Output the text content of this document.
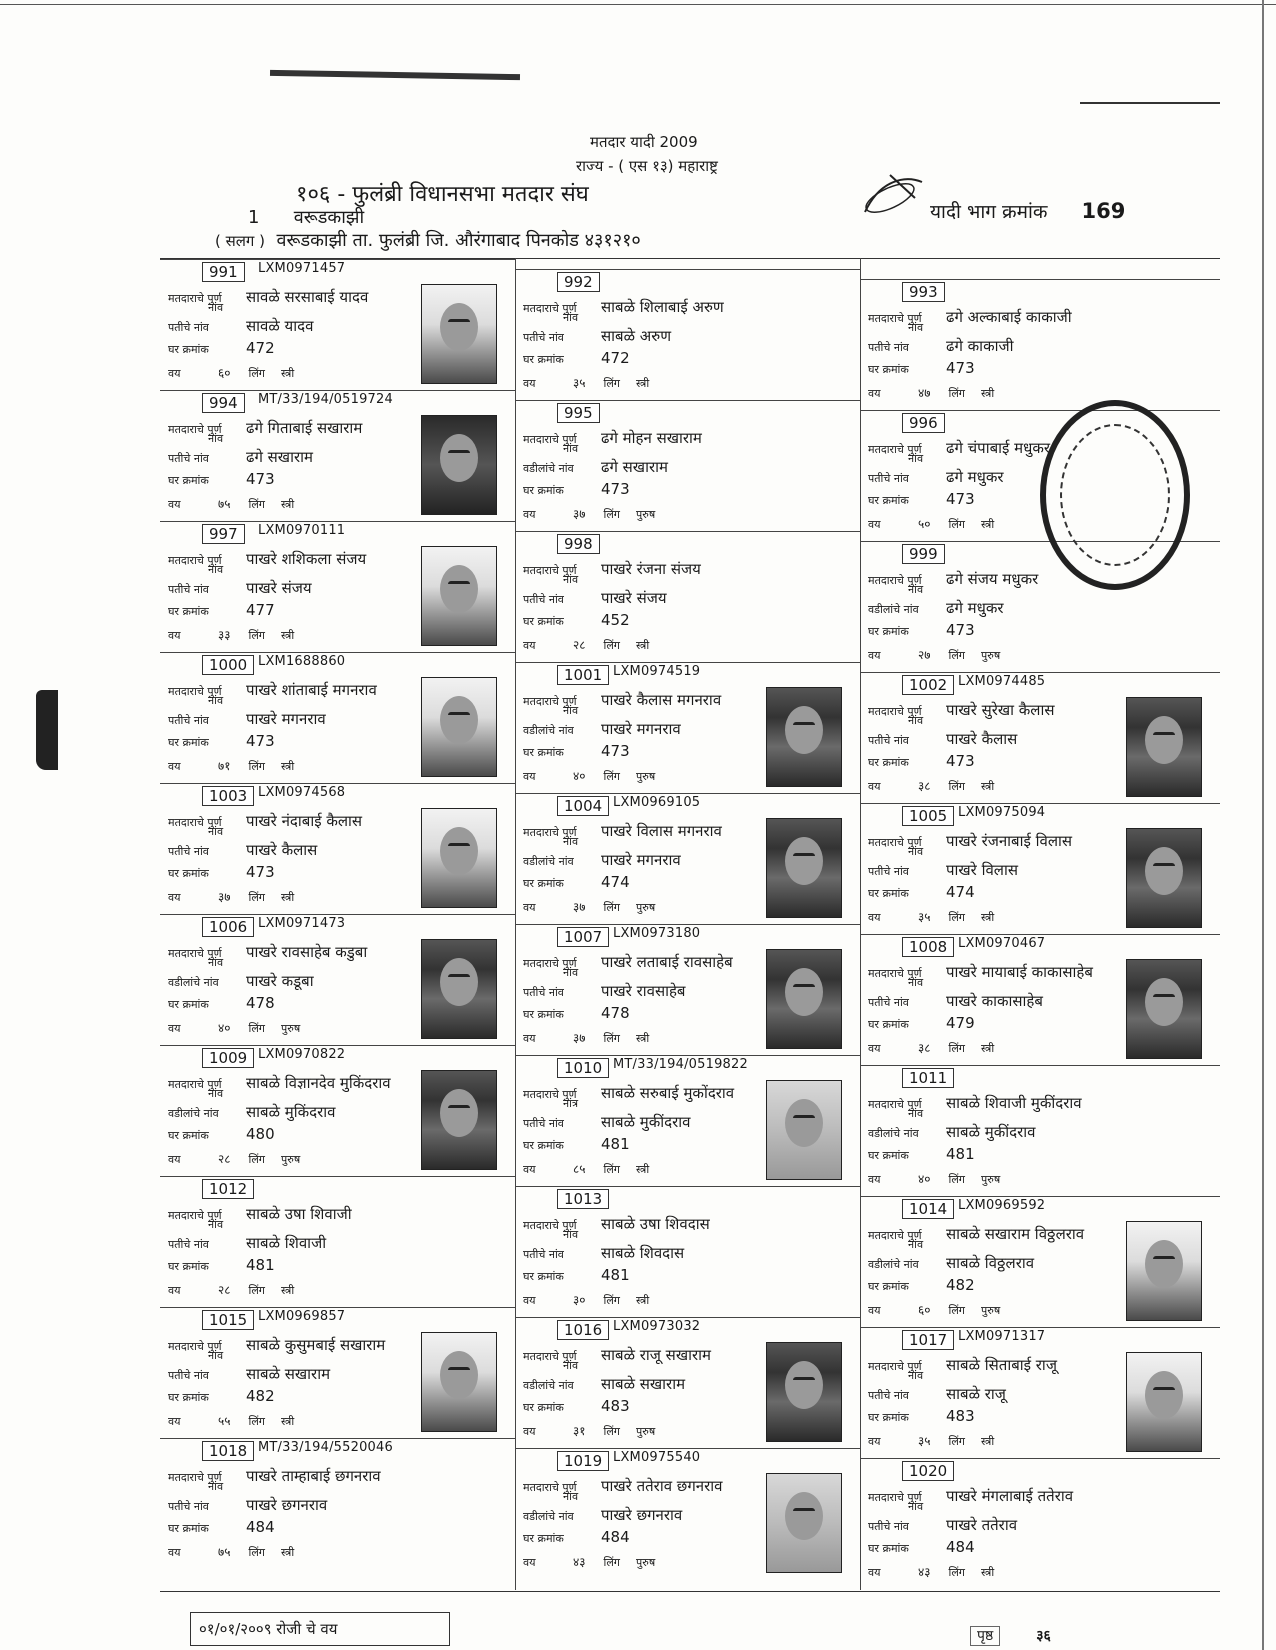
मतदार यादी 2009
राज्य - ( एस १३) महाराष्ट्र
१०६ - फुलंब्री विधानसभा मतदार संघ
यादी भाग क्रमांक 169
1 वरूडकाझी
( सलग ) वरूडकाझी ता. फुलंब्री जि. औरंगाबाद पिनकोड ४३१२१०
991	LXM0971457
मतदाराचे पुर्ण सावळे सरसाबाई यादव
नांव
पतीचे नांव सावळे यादव
घर क्रमांक 472
वय	६० लिंग स्त्री
992
मतदाराचे पुर्ण साबळे शिलाबाई अरुण
नांव
पतीचे नांव साबळे अरुण
घर क्रमांक 472
वय	३५ लिंग स्त्री
993
मतदाराचे पुर्ण ढगे अल्काबाई काकाजी
नांव
पतीचे नांव ढगे काकाजी
घर क्रमांक 473
वय	४७ लिंग स्त्री
994	MT/33/194/0519724
मतदाराचे पुर्ण ढगे गिताबाई सखाराम
नांव
पतीचे नांव ढगे सखाराम
घर क्रमांक 473
वय	७५ लिंग स्त्री
995
मतदाराचे पुर्ण ढगे मोहन सखाराम
नांव
वडीलांचे नांव ढगे सखाराम
घर क्रमांक 473
वय	३७ लिंग पुरुष
996
मतदाराचे पुर्ण ढगे चंपाबाई मधुकर
नांव
पतीचे नांव ढगे मधुकर
घर क्रमांक 473
वय	५० लिंग स्त्री
997	LXM0970111
मतदाराचे पुर्ण पाखरे शशिकला संजय
नांव
पतीचे नांव पाखरे संजय
घर क्रमांक 477
वय	३३ लिंग स्त्री
998
मतदाराचे पुर्ण पाखरे रंजना संजय
नांव
पतीचे नांव पाखरे संजय
घर क्रमांक 452
वय	२८ लिंग स्त्री
999
मतदाराचे पुर्ण ढगे संजय मधुकर
नांव
वडीलांचे नांव ढगे मधुकर
घर क्रमांक 473
वय	२७ लिंग पुरुष
1000 LXM1688860
मतदाराचे पुर्ण पाखरे शांताबाई मगनराव
नांव
पतीचे नांव पाखरे मगनराव
घर क्रमांक 473
वय	७१ लिंग स्त्री
1001 LXM0974519
मतदाराचे पुर्ण पाखरे कैलास मगनराव
नांव
वडीलांचे नांव पाखरे मगनराव
घर क्रमांक 473
वय	४० लिंग पुरुष
1002 LXM0974485
मतदाराचे पुर्ण पाखरे सुरेखा कैलास
नांव
पतीचे नांव पाखरे कैलास
घर क्रमांक 473
वय	३८ लिंग स्त्री
1003 LXM0974568
मतदाराचे पुर्ण पाखरे नंदाबाई कैलास
नांव
पतीचे नांव पाखरे कैलास
घर क्रमांक 473
वय	३७ लिंग स्त्री
1004 LXM0969105
मतदाराचे पुर्ण पाखरे विलास मगनराव
नांव
वडीलांचे नांव पाखरे मगनराव
घर क्रमांक 474
वय	३७ लिंग पुरुष
1005 LXM0975094
मतदाराचे पुर्ण पाखरे रंजनाबाई विलास
नांव
पतीचे नांव पाखरे विलास
घर क्रमांक 474
वय	३५ लिंग स्त्री
1006 LXM0971473
मतदाराचे पुर्ण पाखरे रावसाहेब कडुबा
नांव
वडीलांचे नांव पाखरे कडूबा
घर क्रमांक 478
वय	४० लिंग पुरुष
1007 LXM0973180
मतदाराचे पुर्ण पाखरे लताबाई रावसाहेब
नांव
पतीचे नांव पाखरे रावसाहेब
घर क्रमांक 478
वय	३७ लिंग स्त्री
1008 LXM0970467
मतदाराचे पुर्ण पाखरे मायाबाई काकासाहेब
नांव
पतीचे नांव पाखरे काकासाहेब
घर क्रमांक 479
वय	३८ लिंग स्त्री
1009 LXM0970822
मतदाराचे पुर्ण साबळे विज्ञानदेव मुकिंदराव
नांव
वडीलांचे नांव साबळे मुकिंदराव
घर क्रमांक 480
वय	२८ लिंग पुरुष
1010 MT/33/194/0519822
मतदाराचे पुर्ण साबळे सरुबाई मुकोंदराव
नांत्र
पतीचे नांव साबळे मुकींदराव
घर क्रमांक 481
वय	८५ लिंग स्त्री
1011
मतदाराचे पुर्ण साबळे शिवाजी मुकींदराव
नांव
वडीलांचे नांव साबळे मुकींदराव
घर क्रमांक 481
वय	४० लिंग पुरुष
1012
मतदाराचे पुर्ण साबळे उषा शिवाजी
नांव
पतीचे नांव साबळे शिवाजी
घर क्रमांक 481
वय	२८ लिंग स्त्री
1013
मतदाराचे पुर्ण साबळे उषा शिवदास
नांव
पतीचे नांव साबळे शिवदास
घर क्रमांक 481
वय	३० लिंग स्त्री
1014 LXM0969592
मतदाराचे पुर्ण साबळे सखाराम विठ्ठलराव
नांव
वडीलांचे नांव साबळे विठ्ठलराव
घर क्रमांक 482
वय	६० लिंग पुरुष
1015 LXM0969857
मतदाराचे पुर्ण साबळे कुसुमबाई सखाराम
नांव
पतीचे नांव साबळे सखाराम
घर क्रमांक 482
वय	५५ लिंग स्त्री
1016 LXM0973032
मतदाराचे पुर्ण साबळे राजू सखाराम
नांव
वडीलांचे नांव साबळे सखाराम
घर क्रमांक 483
वय	३१ लिंग पुरुष
1017 LXM0971317
मतदाराचे पुर्ण साबळे सिताबाई राजू
नांव
पतीचे नांव साबळे राजू
घर क्रमांक 483
वय	३५ लिंग स्त्री
1018 MT/33/194/5520046
मतदाराचे पुर्ण पाखरे ताम्हाबाई छगनराव
नांव
पतीचे नांव पाखरे छगनराव
घर क्रमांक 484
वय	७५ लिंग स्त्री
1019 LXM0975540
मतदाराचे पुर्ण पाखरे ततेराव छगनराव
नांव
वडीलांचे नांव पाखरे छगनराव
घर क्रमांक 484
वय	४३ लिंग पुरुष
1020
मतदाराचे पुर्ण पाखरे मंगलाबाई ततेराव
नांव
पतीचे नांव पाखरे ततेराव
घर क्रमांक 484
वय	४३ लिंग स्त्री
०१/०१/२००९ रोजी चे वय	पृष्ठ	३६
